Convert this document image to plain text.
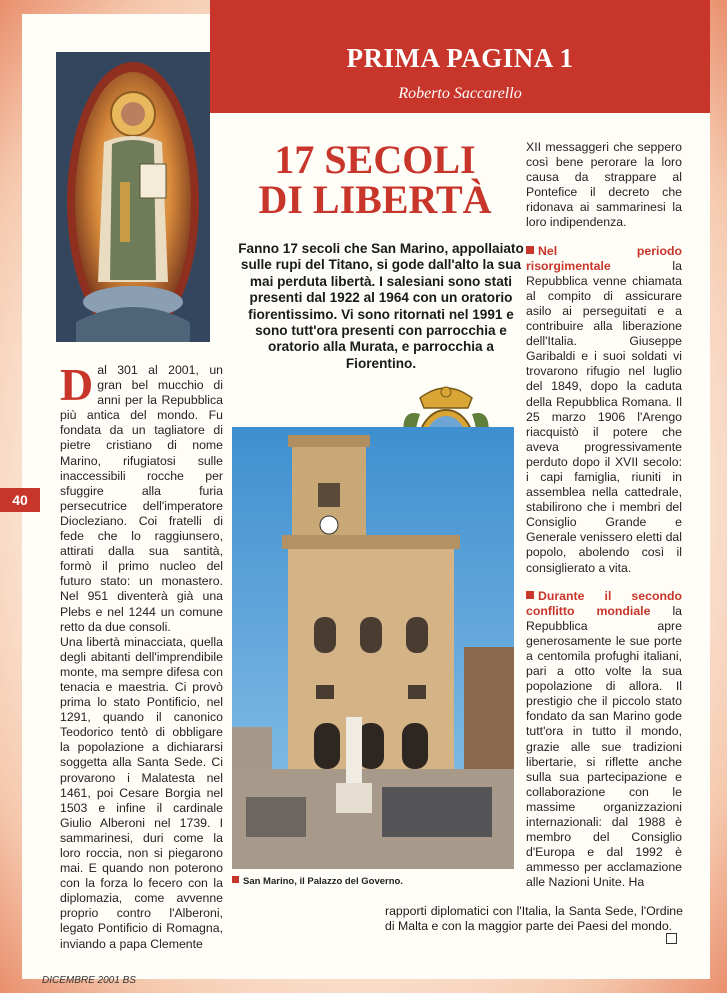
PRIMA PAGINA 1
Roberto Saccarello
17 SECOLI
DI LIBERTÀ
Fanno 17 secoli che San Marino, appollaiato sulle rupi del Titano, si gode dall'alto la sua mai perduta libertà. I salesiani sono stati presenti dal 1922 al 1964 con un oratorio fiorentissimo. Vi sono ritornati nel 1991 e sono tutt'ora presenti con parrocchia e oratorio alla Murata, e parrocchia a Fiorentino.
D al 301 al 2001, un gran bel mucchio di anni per la Repubblica più antica del mondo. Fu fondata da un tagliatore di pietre cristiano di nome Marino, rifugiatosi sulle inaccessibili rocche per sfuggire alla furia persecutrice dell'imperatore Diocleziano. Coi fratelli di fede che lo raggiunsero, attirati dalla sua santità, formò il primo nucleo del futuro stato: un monastero. Nel 951 diventerà già una Plebs e nel 1244 un comune retto da due consoli.

Una libertà minacciata, quella degli abitanti dell'imprendibile monte, ma sempre difesa con tenacia e maestria. Ci provò prima lo stato Pontificio, nel 1291, quando il canonico Teodorico tentò di obbligare la popolazione a dichiararsi soggetta alla Santa Sede. Ci provarono i Malatesta nel 1461, poi Cesare Borgia nel 1503 e infine il cardinale Giulio Alberoni nel 1739. I sammarinesi, duri come la loro roccia, non si piegarono mai. E quando non poterono con la forza lo fecero con la diplomazia, come avvenne proprio contro l'Alberoni, legato Pontificio di Romagna, inviando a papa Clemente

rapporti diplomatici con l'Italia, la Santa Sede, l'Ordine di Malta e con la maggior parte dei Paesi del mondo.

XII messaggeri che seppero così bene perorare la loro causa da strappare al Pontefice il decreto che ridonava ai sammarinesi la loro indipendenza.

Nel periodo risorgimentale	la Repubblica venne chiamata al compito di assicurare asilo ai perseguitati e a contribuire alla liberazione dell'Italia. Giuseppe Garibaldi e i suoi soldati vi trovarono rifugio nel luglio del 1849, dopo la caduta della Repubblica Romana. Il 25 marzo 1906 l'Arengo riacquistò il potere che aveva progressivamente perduto dopo il XVII secolo: i capi famiglia, riuniti in assemblea nella cattedrale, stabilirono che i membri del Consiglio Grande e Generale venissero eletti dal popolo, abolendo così il consiglierato a vita.

Durante il secondo conflitto mondiale la Repubblica apre generosamente le sue porte a centomila profughi italiani, pari a otto volte la sua popolazione di allora. Il prestigio che il piccolo stato fondato da san Marino gode tutt'ora in tutto il mondo, grazie alle sue tradizioni libertarie, si riflette anche sulla sua partecipazione e collaborazione con le massime organizzazioni internazionali: dal 1988 è membro del Consiglio d'Europa e dal 1992 è ammesso per acclamazione alle Nazioni Unite. Ha

San Marino, il Palazzo del Governo.
40
DICEMBRE 2001 BS
